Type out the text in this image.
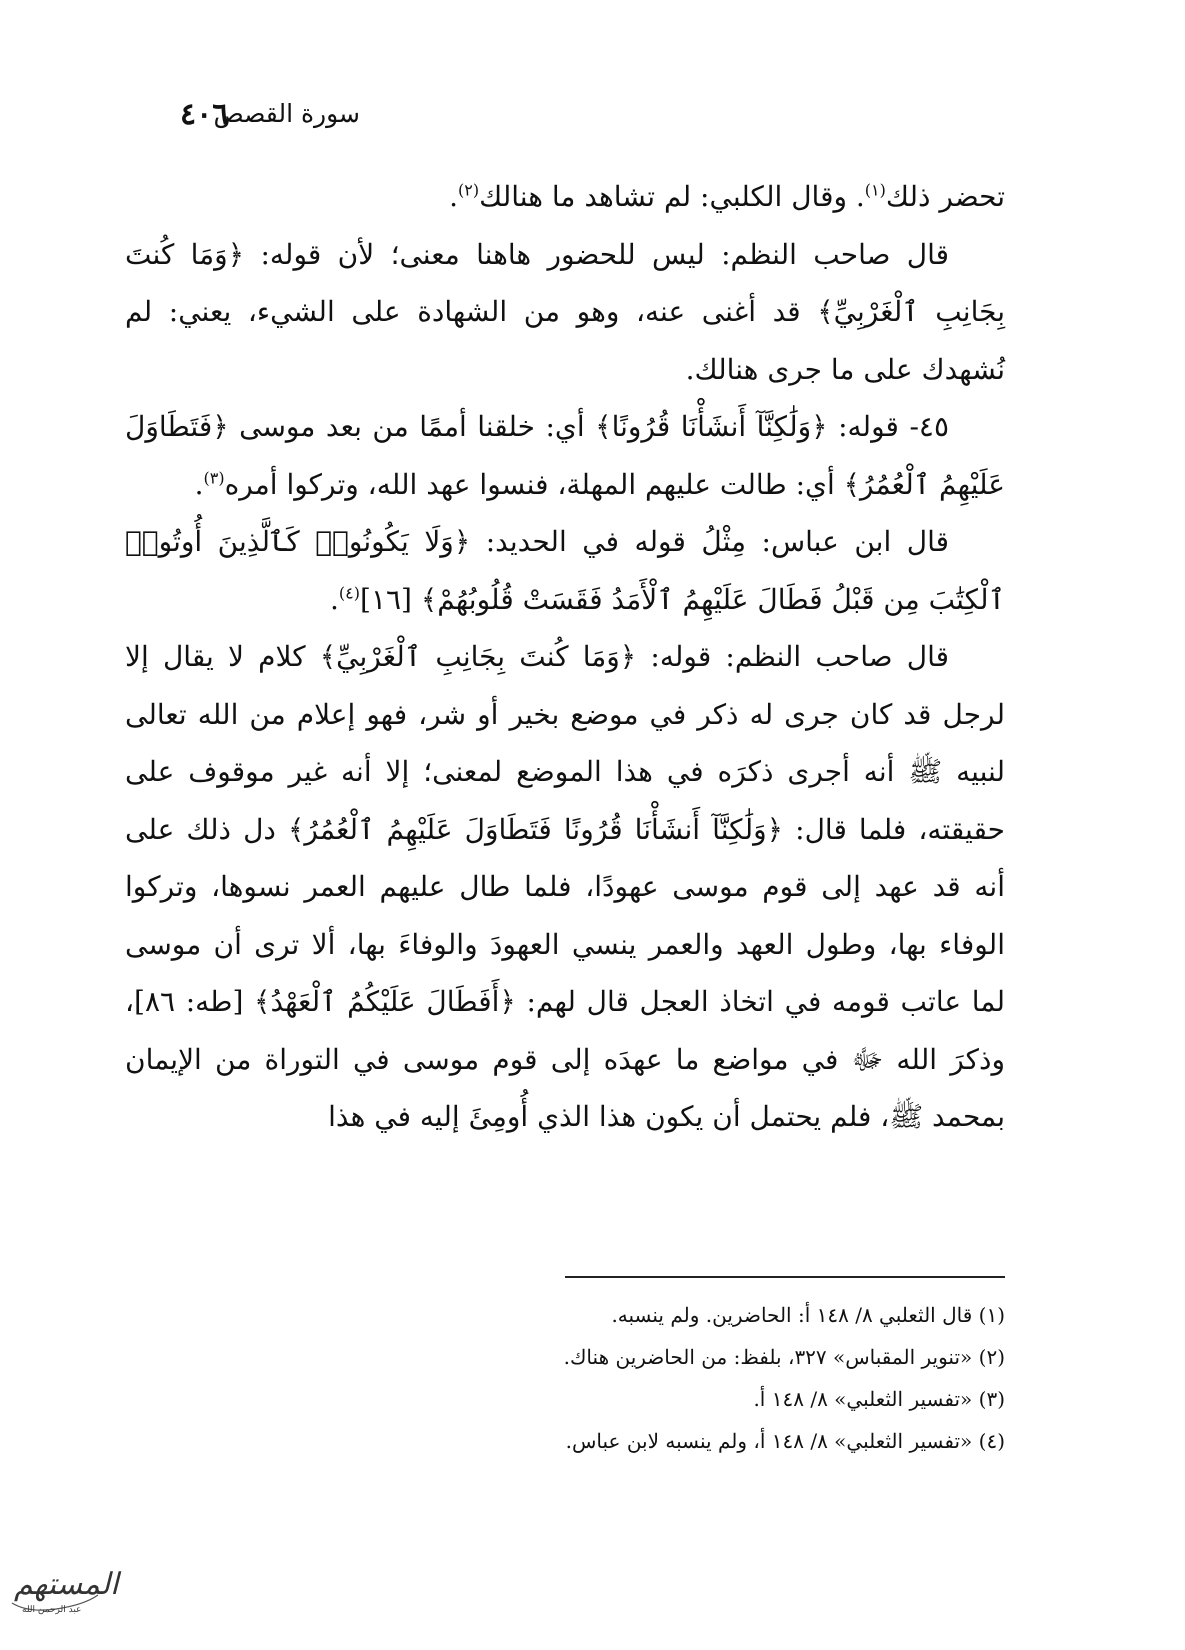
سورة القصص
٤٠٦

تحضر ذلك$^{(١)}$. وقال الكلبي: لم تشاهد ما هنالك$^{(٢)}$.

قال صاحب النظم: ليس للحضور هاهنا معنى؛ لأن قوله: ﴿وَمَا كُنتَ بِجَانِبِ ٱلْغَرْبِيِّ﴾ قد أغنى عنه، وهو من الشهادة على الشيء، يعني: لم نُشهدك على ما جرى هنالك.

٤٥- قوله: ﴿وَلَٰكِنَّآ أَنشَأْنَا قُرُونًا﴾ أي: خلقنا أممًا من بعد موسى ﴿فَتَطَاوَلَ عَلَيْهِمُ ٱلْعُمُرُ﴾ أي: طالت عليهم المهلة، فنسوا عهد الله، وتركوا أمره$^{(٣)}$.

قال ابن عباس: مِثْلُ قوله في الحديد: ﴿وَلَا يَكُونُوا۟ كَٱلَّذِينَ أُوتُوا۟ ٱلْكِتَٰبَ مِن قَبْلُ فَطَالَ عَلَيْهِمُ ٱلْأَمَدُ فَقَسَتْ قُلُوبُهُمْ﴾ [١٦]$^{(٤)}$.

قال صاحب النظم: قوله: ﴿وَمَا كُنتَ بِجَانِبِ ٱلْغَرْبِيِّ﴾ كلام لا يقال إلا لرجل قد كان جرى له ذكر في موضع بخير أو شر، فهو إعلام من الله تعالى لنبيه ﷺ أنه أجرى ذكرَه في هذا الموضع لمعنى؛ إلا أنه غير موقوف على حقيقته، فلما قال: ﴿وَلَٰكِنَّآ أَنشَأْنَا قُرُونًا فَتَطَاوَلَ عَلَيْهِمُ ٱلْعُمُرُ﴾ دل ذلك على أنه قد عهد إلى قوم موسى عهودًا، فلما طال عليهم العمر نسوها، وتركوا الوفاء بها، وطول العهد والعمر ينسي العهودَ والوفاءَ بها، ألا ترى أن موسى لما عاتب قومه في اتخاذ العجل قال لهم: ﴿أَفَطَالَ عَلَيْكُمُ ٱلْعَهْدُ﴾ [طه: ٨٦]، وذكرَ الله ﷻ في مواضع ما عهدَه إلى قوم موسى في التوراة من الإيمان بمحمد ﷺ، فلم يحتمل أن يكون هذا الذي أُومِئَ إليه في هذا

(١) قال الثعلبي ٨/ ١٤٨ أ: الحاضرين. ولم ينسبه.

(٢) «تنوير المقباس» ٣٢٧، بلفظ: من الحاضرين هناك.

(٣) «تفسير الثعلبي» ٨/ ١٤٨ أ.

(٤) «تفسير الثعلبي» ٨/ ١٤٨ أ، ولم ينسبه لابن عباس.

المستهم
عبد الرحمن الله
